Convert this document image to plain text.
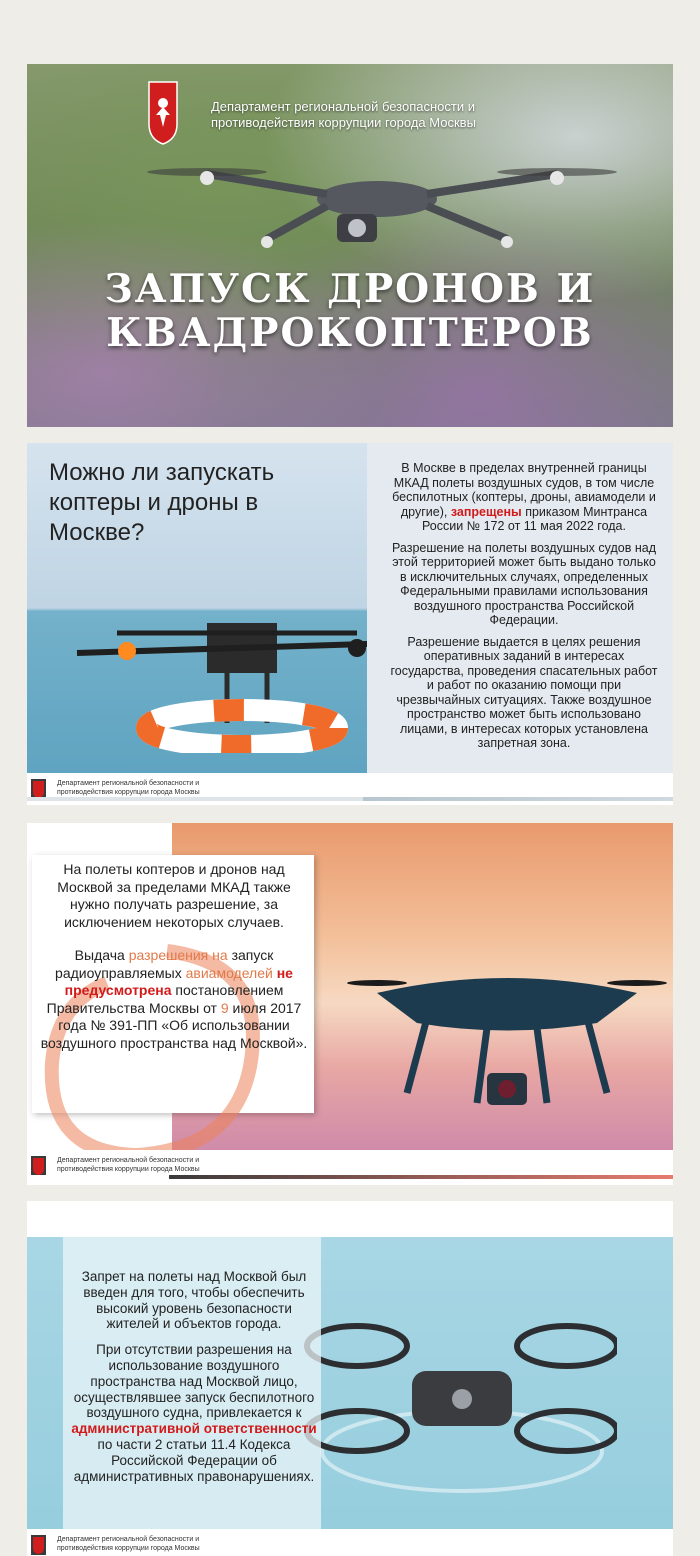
Департамент региональной безопасности и противодействия коррупции города Москвы
ЗАПУСК ДРОНОВ И КВАДРОКОПТЕРОВ
Можно ли запускать коптеры и дроны в Москве?

В Москве в пределах внутренней границы МКАД полеты воздушных судов, в том числе беспилотных (коптеры, дроны, авиамодели и другие), запрещены приказом Минтранса России № 172 от 11 мая 2022 года.

Разрешение на полеты воздушных судов над этой территорией может быть выдано только в исключительных случаях, определенных Федеральными правилами использования воздушного пространства Российской Федерации.

Разрешение выдается в целях решения оперативных заданий в интересах государства, проведения спасательных работ и работ по оказанию помощи при чрезвычайных ситуациях. Также воздушное пространство может быть использовано лицами, в интересах которых установлена запретная зона.

Департамент региональной безопасности и противодействия коррупции города Москвы

На полеты коптеров и дронов над Москвой за пределами МКАД также нужно получать разрешение, за исключением некоторых случаев.

Выдача разрешения на запуск радиоуправляемых авиамоделей не предусмотрена постановлением Правительства Москвы от 9 июля 2017 года № 391-ПП «Об использовании воздушного пространства над Москвой».

Департамент региональной безопасности и противодействия коррупции города Москвы

Запрет на полеты над Москвой был введен для того, чтобы обеспечить высокий уровень безопасности жителей и объектов города.

При отсутствии разрешения на использование воздушного пространства над Москвой лицо, осуществлявшее запуск беспилотного воздушного судна, привлекается к административной ответственности по части 2 статьи 11.4 Кодекса Российской Федерации об административных правонарушениях.

Департамент региональной безопасности и противодействия коррупции города Москвы
